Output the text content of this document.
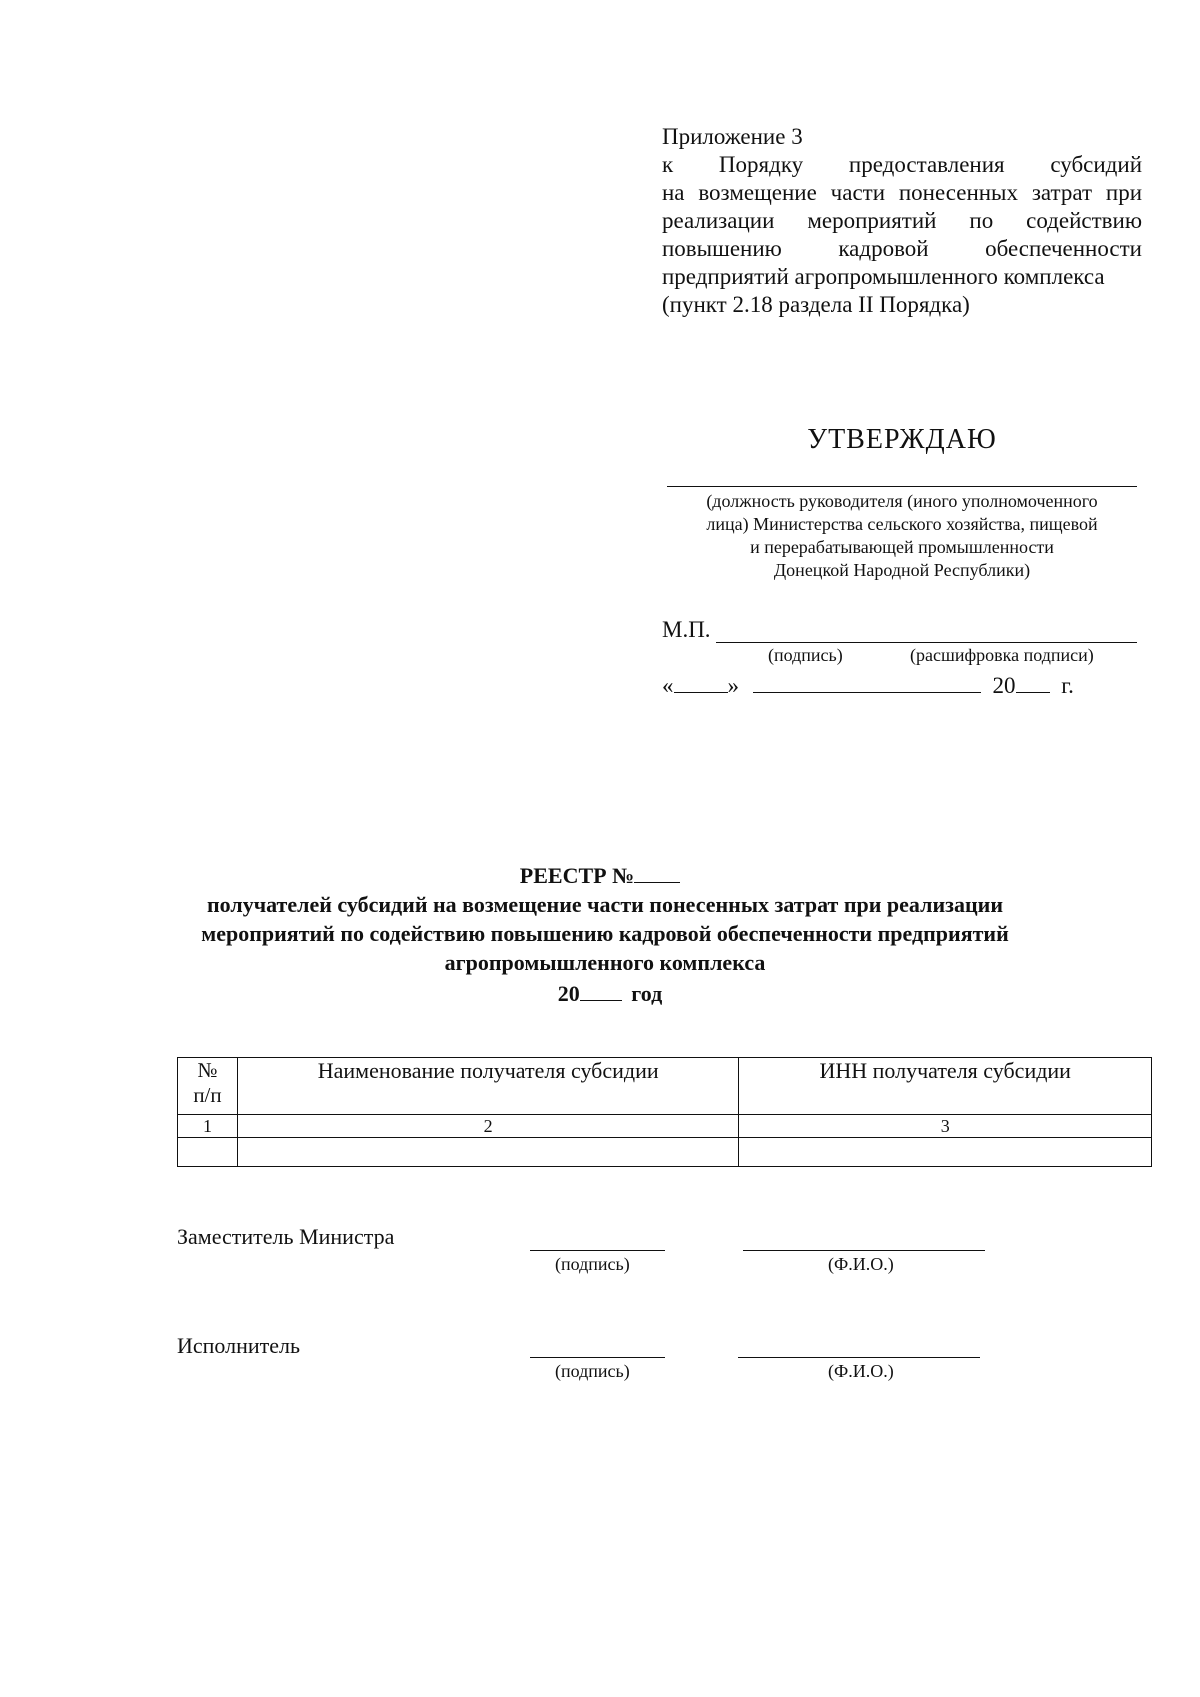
Приложение 3
к Порядку предоставления субсидий
на возмещение части понесенных затрат при
реализации мероприятий по содействию
повышению кадровой обеспеченности
предприятий агропромышленного комплекса
(пункт 2.18 раздела II Порядка)
УТВЕРЖДАЮ
(должность руководителя (иного уполномоченного
лица) Министерства сельского хозяйства, пищевой
и перерабатывающей промышленности
Донецкой Народной Республики)
М.П.
(подпись)	(расшифровка подписи)
« »	20 г.
РЕЕСТР №
получателей субсидий на возмещение части понесенных затрат при реализации
мероприятий по содействию повышению кадровой обеспеченности предприятий
агропромышленного комплекса
20 год
№
п/п	Наименование получателя субсидии	ИНН получателя субсидии
1	2	3

Заместитель Министра
(подпись)	(Ф.И.О.)
Исполнитель
(подпись)	(Ф.И.О.)
